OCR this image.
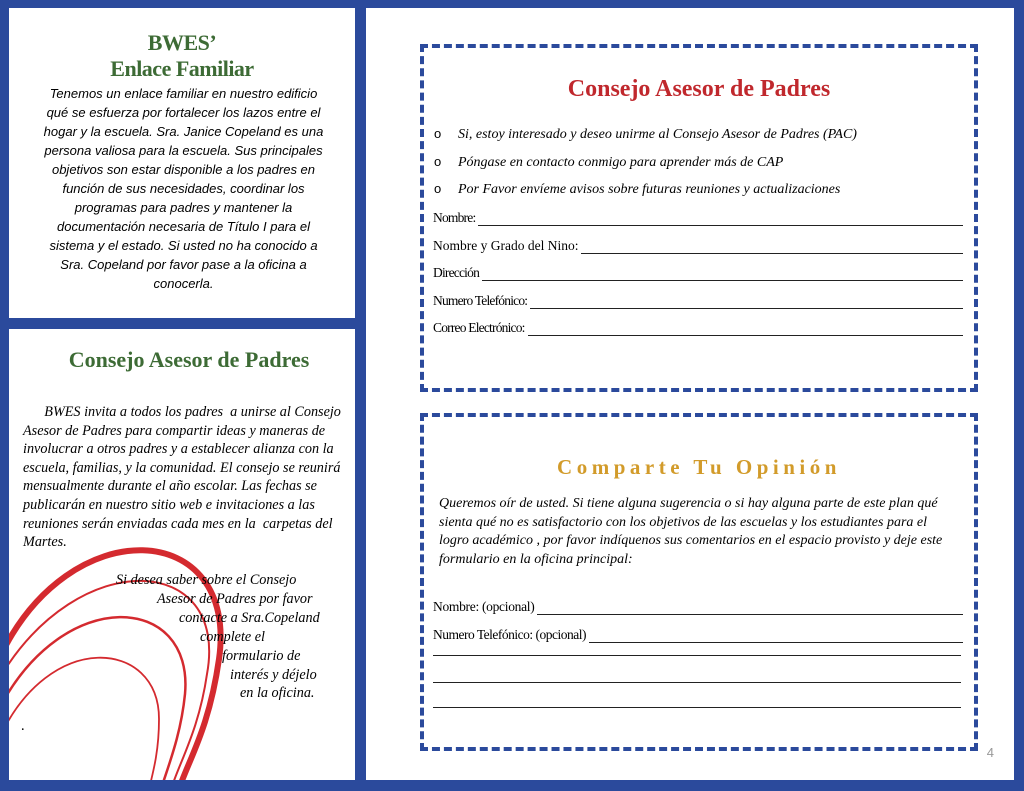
BWES’
Enlace Familiar
Tenemos un enlace familiar en nuestro edificio qué se esfuerza por fortalecer los lazos entre el hogar y la escuela. Sra. Janice Copeland es una persona valiosa para la escuela. Sus principales objetivos son estar disponible a los padres en función de sus necesidades, coordinar los programas para padres y mantener la documentación necesaria de Título I para el sistema y el estado. Si usted no ha conocido a Sra. Copeland por favor pase a la oficina a conocerla.
Consejo Asesor de Padres
BWES invita a todos los padres  a unirse al Consejo Asesor de Padres para compartir ideas y maneras de involucrar a otros padres y a establecer alianza con la escuela, familias, y la comunidad. El consejo se reunirá mensualmente durante el año escolar. Las fechas se publicarán en nuestro sitio web e invitaciones a las reuniones serán enviadas cada mes en la  carpetas del Martes.
Si desea saber sobre el Consejo
Asesor de Padres por favor
contacte a Sra.Copeland
complete el
formulario de
interés y déjelo
en la oficina.
.
Consejo Asesor de Padres
o Si, estoy interesado y deseo unirme al Consejo Asesor de Padres (PAC)
o Póngase en contacto conmigo para aprender más de CAP
o Por Favor envíeme avisos sobre futuras reuniones y actualizaciones
Nombre:
Nombre y Grado del Nino:
Dirección
Numero Telefónico:
Correo Electrónico:
Comparte Tu Opinión
Queremos oír de usted. Si tiene alguna sugerencia o si hay alguna parte de este plan qué sienta qué no es satisfactorio con los objetivos de las escuelas y los estudiantes para el logro académico , por favor indíquenos sus comentarios en el espacio provisto y deje este formulario en la oficina principal:
Nombre: (opcional)
Numero Telefónico: (opcional)
4
